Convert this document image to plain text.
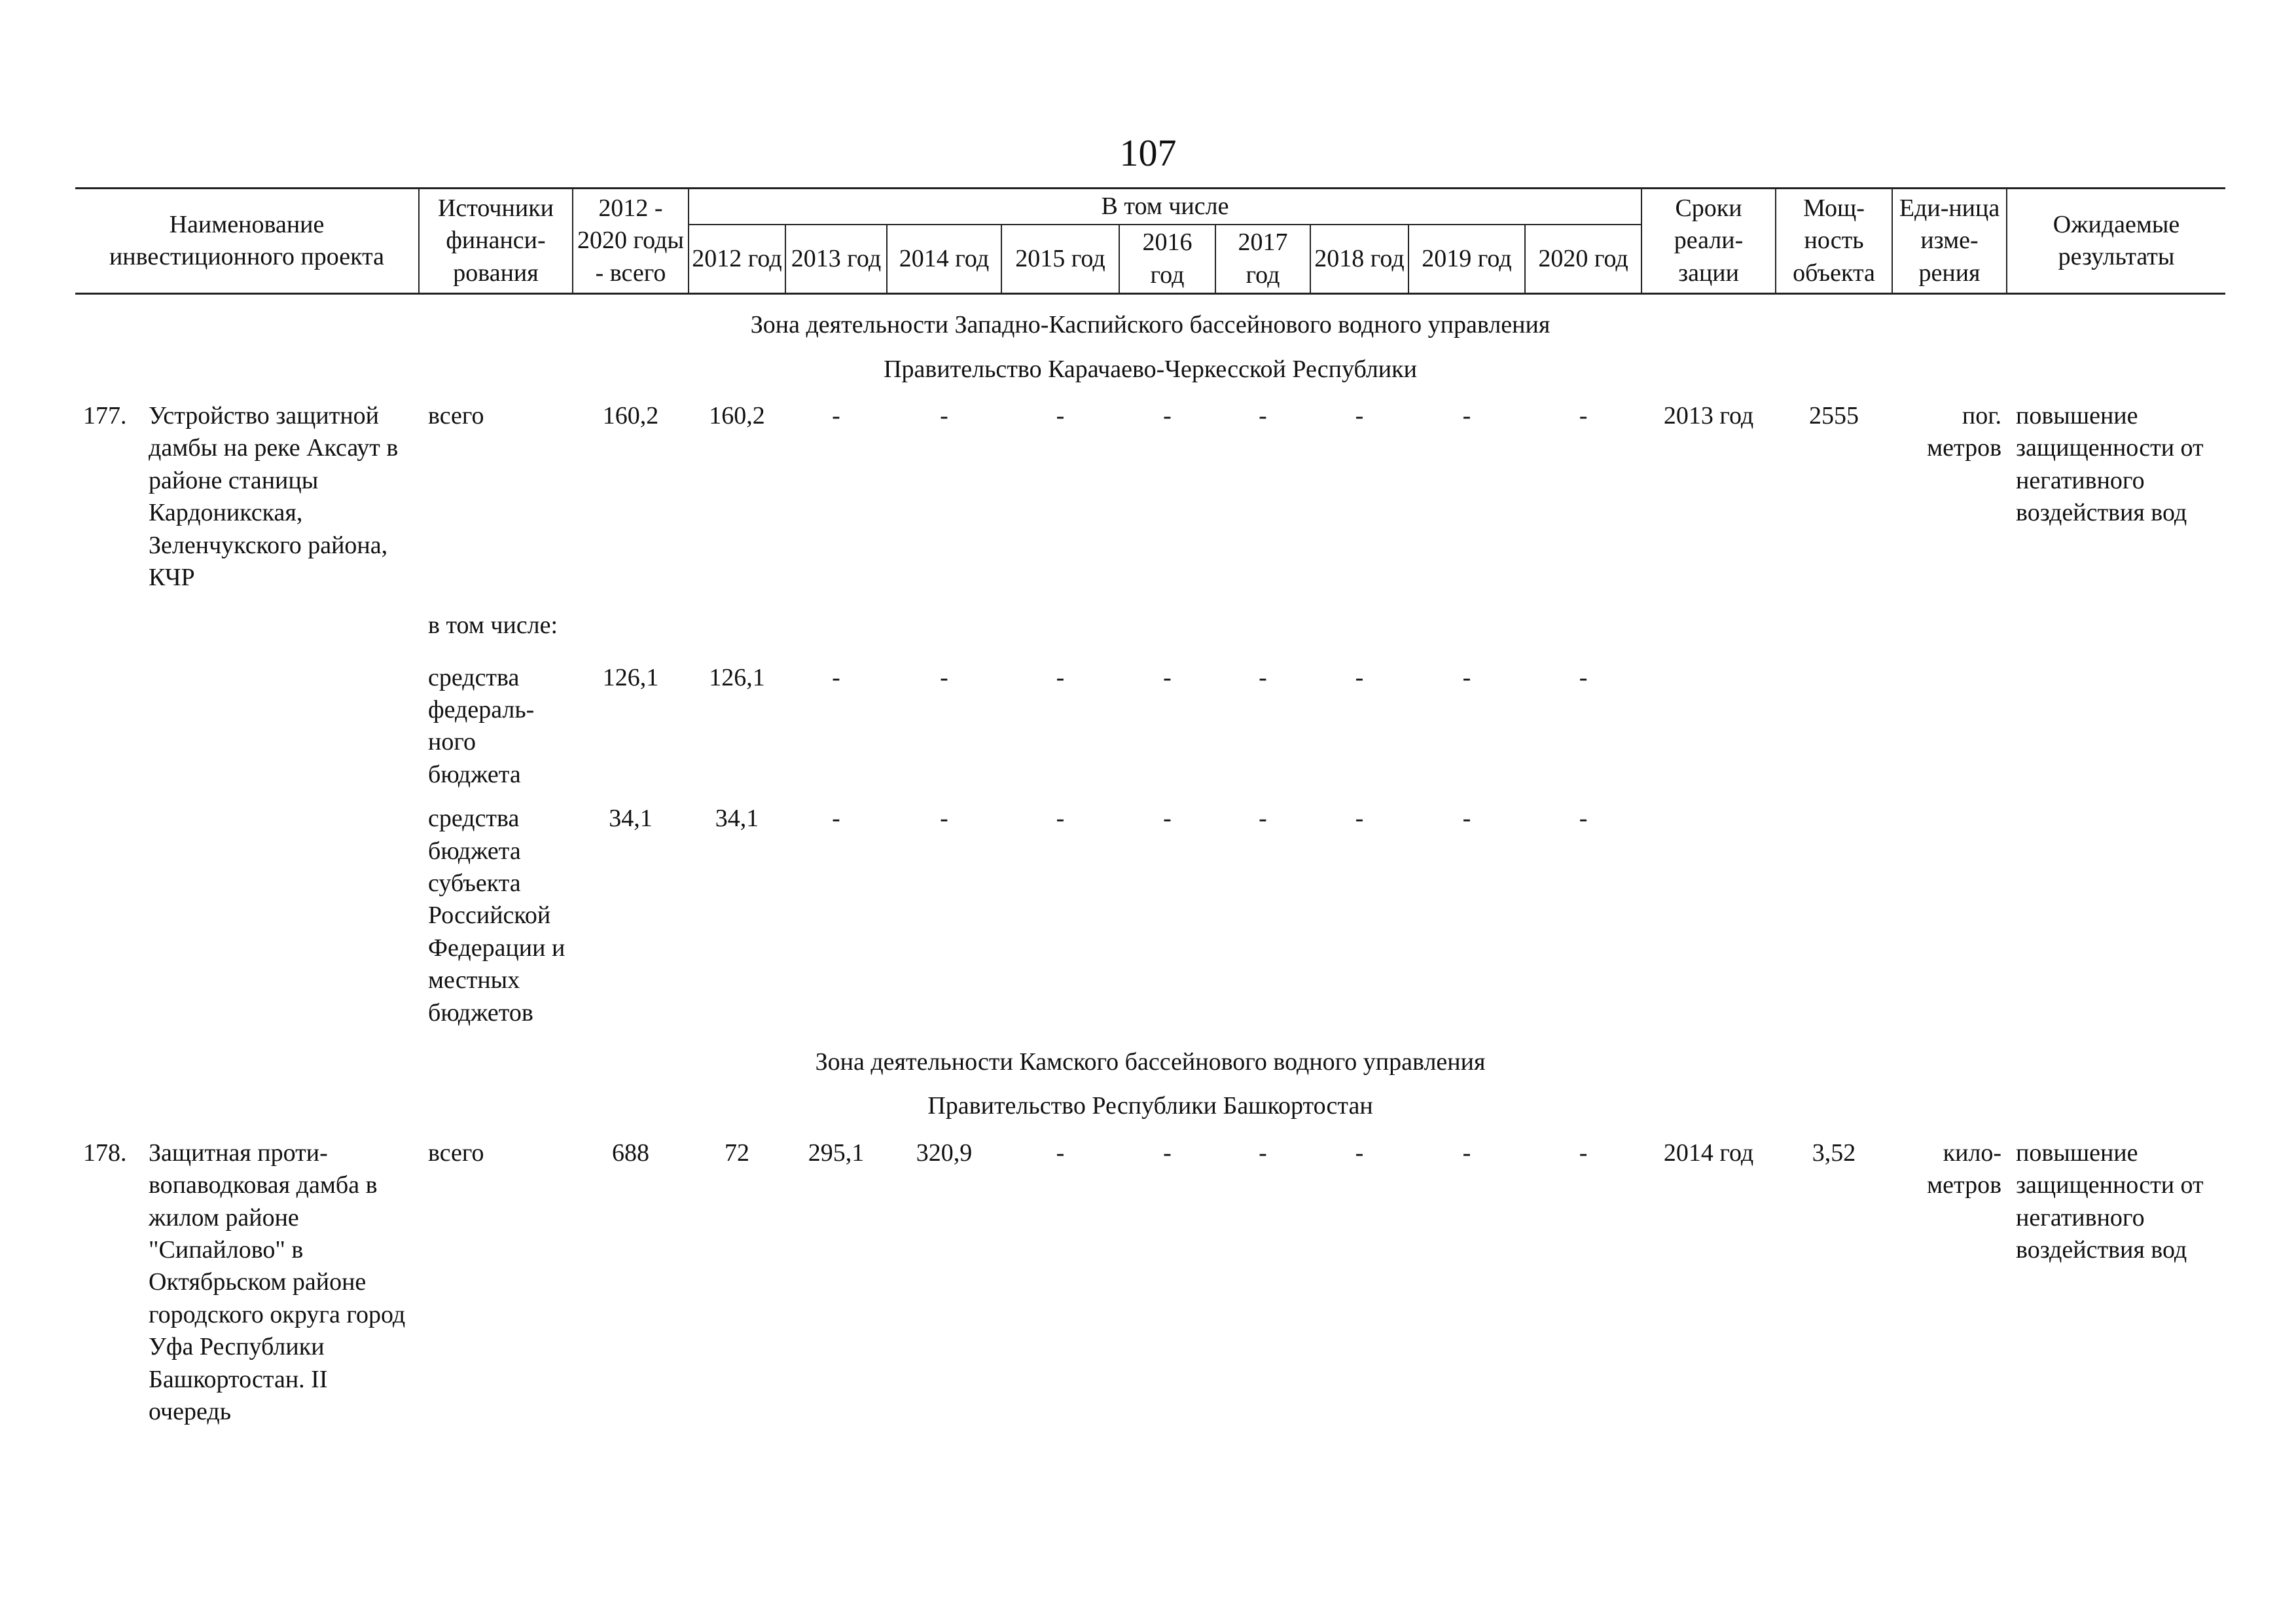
107
Наименование инвестиционного проекта	Источники финанси-рования	2012 - 2020 годы - всего	В том числе									Сроки реали-зации	Мощ-ность объекта	Еди-ница изме-рения	Ожидаемые результаты
			2012 год	2013 год	2014 год	2015 год	2016 год	2017 год	2018 год	2019 год	2020 год				
Зона деятельности Западно-Каспийского бассейнового водного управления															
Правительство Карачаево-Черкесской Республики															

177. Устройство защитной дамбы на реке Аксаут в районе станицы Кардоникская, Зеленчукского района, КЧР	всего	160,2	160,2	-	-	-	-	-	-	-	-	2013 год	2555	пог. метров	повышение защищенности от негативного воздействия вод
	в том числе:														
	средства федераль-ного бюджета	126,1	126,1	-	-	-	-	-	-	-	-				
	средства бюджета субъекта Российской Федерации и местных бюджетов	34,1	34,1	-	-	-	-	-	-	-	-				
Зона деятельности Камского бассейнового водного управления															
Правительство Республики Башкортостан															

178. Защитная проти-вопаводковая дамба в жилом районе "Сипайлово" в Октябрьском районе городского округа город Уфа Республики Башкортостан. II очередь	всего	688	72	295,1	320,9	-	-	-	-	-	-	2014 год	3,52	кило-метров	повышение защищенности от негативного воздействия вод
